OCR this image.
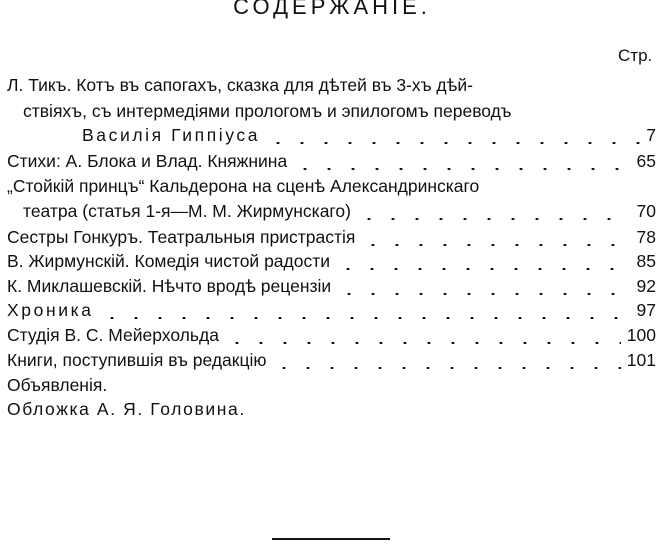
СОДЕРЖАНIЕ.
Стр.
Л. Тикъ. Котъ въ сапогахъ, сказка для дѣтей въ 3-хъ дѣй-
ствiяхъ, съ интермедiями прологомъ и эпилогомъ переводъ
Василiя Гиппiуса	7
Стихи: А. Блока и Влад. Княжнина	65
„Стойкiй принцъ“ Кальдерона на сценѣ Александринскаго
театра (статья 1-я—М. М. Жирмунскаго)	70
Сестры Гонкуръ. Театральныя пристрастiя	78
В. Жирмунскiй. Комедiя чистой радости	85
К. Миклашевскiй. Нѣчто вродѣ рецензiи	92
Хроника	97
Студiя В. С. Мейерхольда	100
Книги, поступившiя въ редакцiю	101
Объявленiя.
Обложка А. Я. Головина.
